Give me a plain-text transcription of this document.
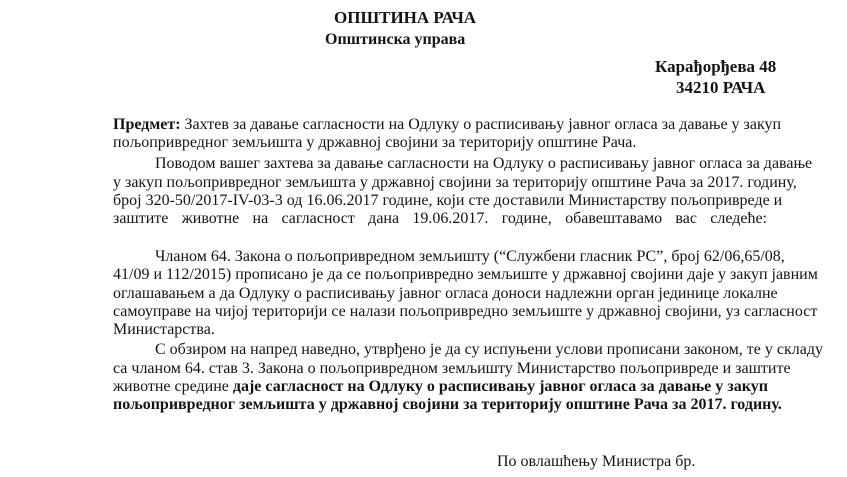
ОПШТИНА РАЧА
Општинска управа
Карађорђева 48
34210 РАЧА
Предмет: Захтев за давање сагласности на Одлуку о расписивању јавног огласа за давање у закуп
пољопривредног земљишта у државној својини за територију општине Рача.
Поводом вашег захтева за давање сагласности на Одлуку о расписивању јавног огласа за давање
у закуп пољопривредног земљишта у државној својини за територију општине Рача за 2017. годину,
број 320-50/2017-IV-03-3 од 16.06.2017 године, који сте доставили Министарству пољопривреде и
заштите животне на сагласност дана 19.06.2017. године, обавештавамо вас следеће:
Чланом 64. Закона о пољопривредном земљишту (“Службени гласник РС”, број 62/06,65/08,
41/09 и 112/2015) прописано је да се пољопривредно земљиште у државној својини даје у закуп јавним
оглашавањем а да Одлуку о расписивању јавног огласа доноси надлежни орган јединице локалне
самоуправе на чијој територији се налази пољопривредно земљиште у државној својини, уз сагласност
Министарства.
С обзиром на напред наведно, утврђено је да су испуњени услови прописани законом, те у складу
са чланом 64. став 3. Закона о пољопривредном земљишту Министарство пољопривреде и заштите
животне средине даје сагласност на Одлуку о расписивању јавног огласа за давање у закуп
пољопривредног земљишта у државној својини за територију општине Рача за 2017. годину.
По овлашћењу Министра бр.
